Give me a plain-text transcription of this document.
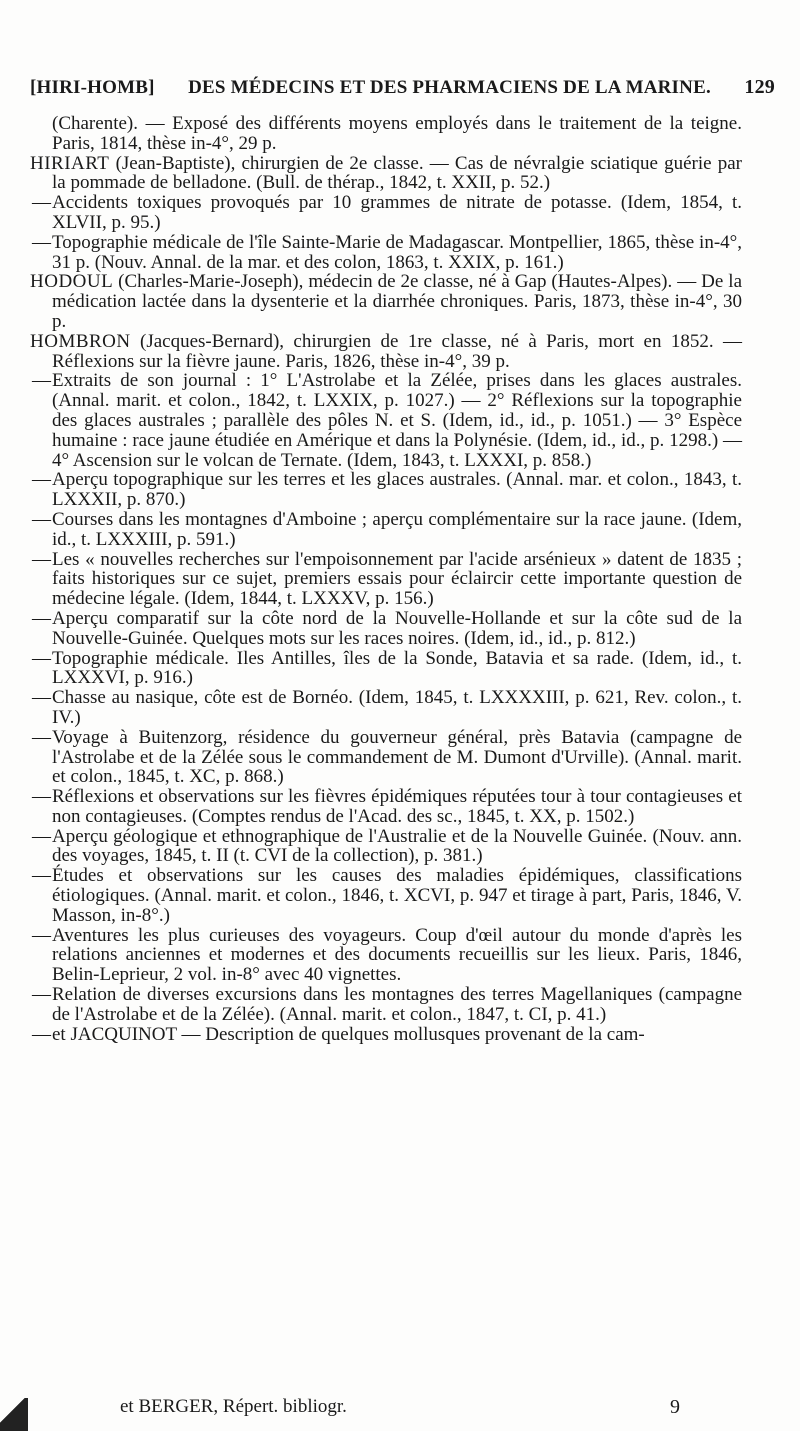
[HIRI-HOMB] DES MÉDECINS ET DES PHARMACIENS DE LA MARINE. 129

(Charente). — Exposé des différents moyens employés dans le traitement de la teigne. Paris, 1814, thèse in-4°, 29 p.

HIRIART (Jean-Baptiste), chirurgien de 2e classe. — Cas de névralgie sciatique guérie par la pommade de belladone. (Bull. de thérap., 1842, t. XXII, p. 52.)

— Accidents toxiques provoqués par 10 grammes de nitrate de potasse. (Idem, 1854, t. XLVII, p. 95.)

— Topographie médicale de l'île Sainte-Marie de Madagascar. Montpellier, 1865, thèse in-4°, 31 p. (Nouv. Annal. de la mar. et des colon, 1863, t. XXIX, p. 161.)

HODOUL (Charles-Marie-Joseph), médecin de 2e classe, né à Gap (Hautes-Alpes). — De la médication lactée dans la dysenterie et la diarrhée chroniques. Paris, 1873, thèse in-4°, 30 p.

HOMBRON (Jacques-Bernard), chirurgien de 1re classe, né à Paris, mort en 1852. — Réflexions sur la fièvre jaune. Paris, 1826, thèse in-4°, 39 p.

— Extraits de son journal : 1° L'Astrolabe et la Zélée, prises dans les glaces australes. (Annal. marit. et colon., 1842, t. LXXIX, p. 1027.) — 2° Réflexions sur la topographie des glaces australes ; parallèle des pôles N. et S. (Idem, id., id., p. 1051.) — 3° Espèce humaine : race jaune étudiée en Amérique et dans la Polynésie. (Idem, id., id., p. 1298.) — 4° Ascension sur le volcan de Ternate. (Idem, 1843, t. LXXXI, p. 858.)

— Aperçu topographique sur les terres et les glaces australes. (Annal. mar. et colon., 1843, t. LXXXII, p. 870.)

— Courses dans les montagnes d'Amboine ; aperçu complémentaire sur la race jaune. (Idem, id., t. LXXXIII, p. 591.)

— Les « nouvelles recherches sur l'empoisonnement par l'acide arsénieux » datent de 1835 ; faits historiques sur ce sujet, premiers essais pour éclaircir cette importante question de médecine légale. (Idem, 1844, t. LXXXV, p. 156.)

— Aperçu comparatif sur la côte nord de la Nouvelle-Hollande et sur la côte sud de la Nouvelle-Guinée. Quelques mots sur les races noires. (Idem, id., id., p. 812.)

— Topographie médicale. Iles Antilles, îles de la Sonde, Batavia et sa rade. (Idem, id., t. LXXXVI, p. 916.)

— Chasse au nasique, côte est de Bornéo. (Idem, 1845, t. LXXXXIII, p. 621, Rev. colon., t. IV.)

— Voyage à Buitenzorg, résidence du gouverneur général, près Batavia (campagne de l'Astrolabe et de la Zélée sous le commandement de M. Dumont d'Urville). (Annal. marit. et colon., 1845, t. XC, p. 868.)

— Réflexions et observations sur les fièvres épidémiques réputées tour à tour contagieuses et non contagieuses. (Comptes rendus de l'Acad. des sc., 1845, t. XX, p. 1502.)

— Aperçu géologique et ethnographique de l'Australie et de la Nouvelle Guinée. (Nouv. ann. des voyages, 1845, t. II (t. CVI de la collection), p. 381.)

— Études et observations sur les causes des maladies épidémiques, classifications étiologiques. (Annal. marit. et colon., 1846, t. XCVI, p. 947 et tirage à part, Paris, 1846, V. Masson, in-8°.)

— Aventures les plus curieuses des voyageurs. Coup d'œil autour du monde d'après les relations anciennes et modernes et des documents recueillis sur les lieux. Paris, 1846, Belin-Leprieur, 2 vol. in-8° avec 40 vignettes.

— Relation de diverses excursions dans les montagnes des terres Magellaniques (campagne de l'Astrolabe et de la Zélée). (Annal. marit. et colon., 1847, t. CI, p. 41.)

— et JACQUINOT — Description de quelques mollusques provenant de la cam-

et BERGER, Répert. bibliogr.	9
